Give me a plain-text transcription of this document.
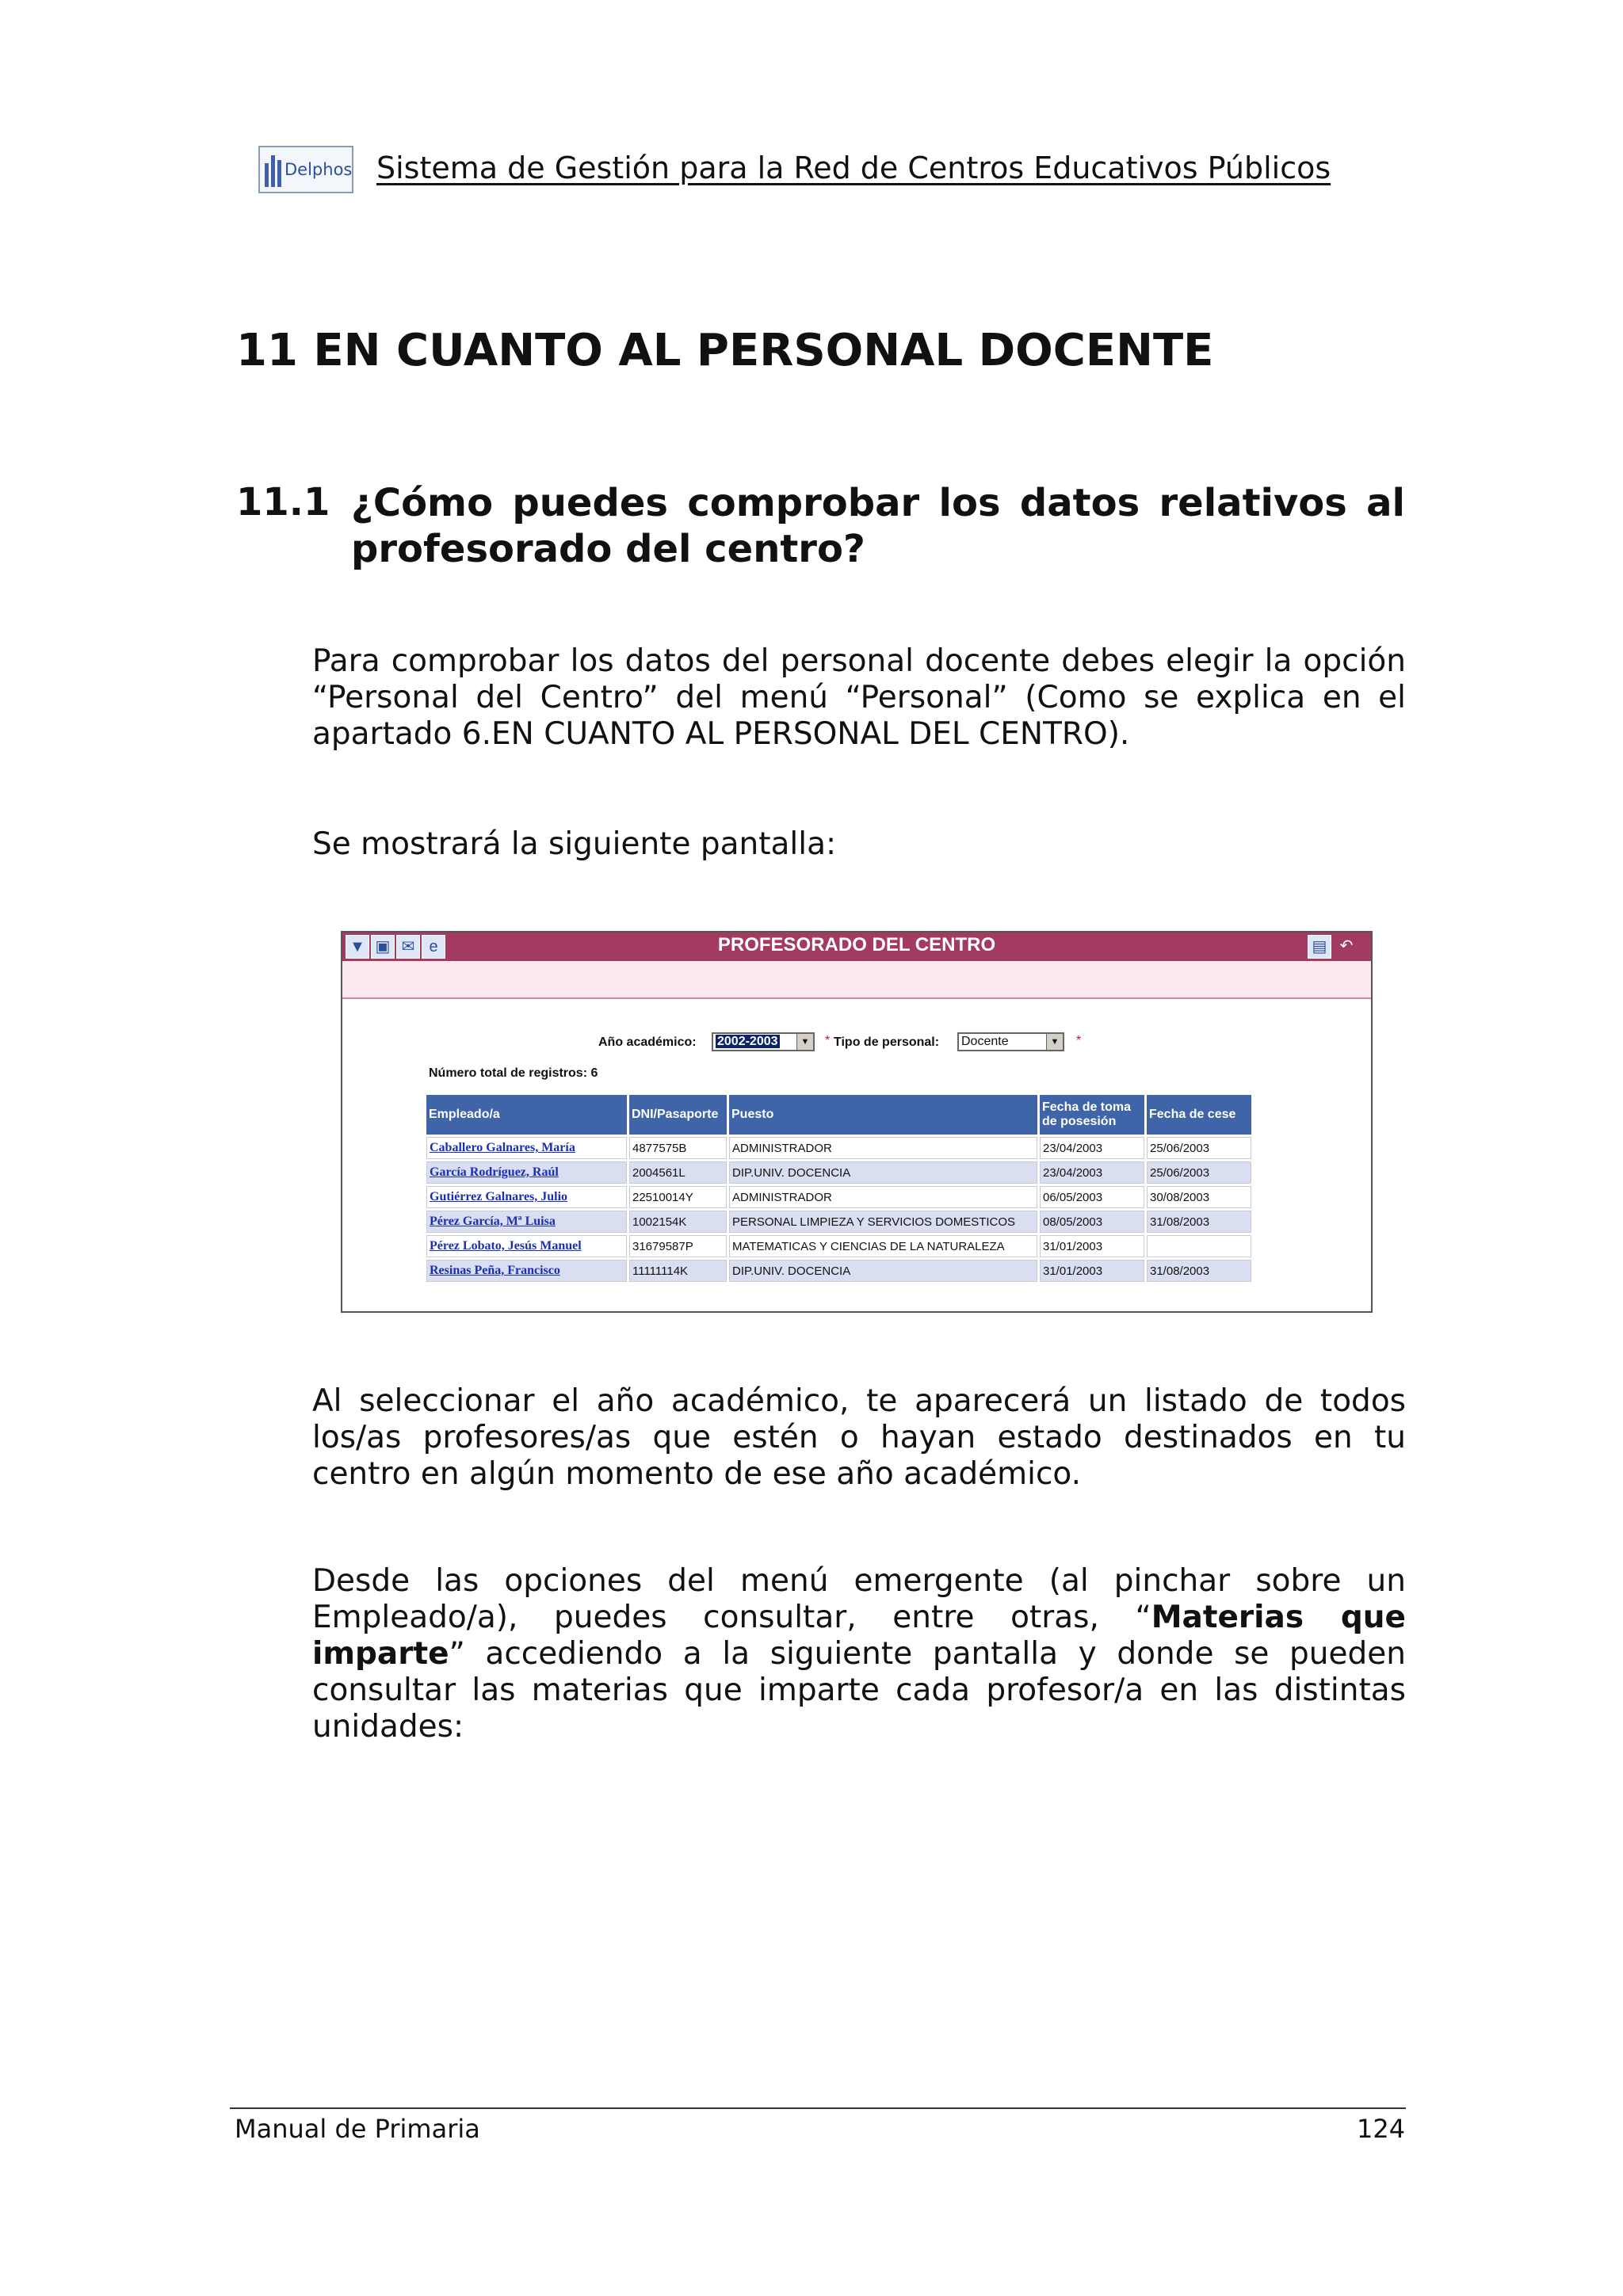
Delphos Sistema de Gestión para la Red de Centros Educativos Públicos
11 EN CUANTO AL PERSONAL DOCENTE
11.1 ¿Cómo puedes comprobar los datos relativos al profesorado del centro?
Para comprobar los datos del personal docente debes elegir la opción “Personal del Centro” del menú “Personal” (Como se explica en el apartado 6.EN CUANTO AL PERSONAL DEL CENTRO).
Se mostrará la siguiente pantalla:
▼ ▣ ✉ e	PROFESORADO DEL CENTRO	▤ ↶
Año académico:	2002-2003	▼ * Tipo de personal:	Docente	▼ *
Número total de registros: 6
Empleado/a	DNI/Pasaporte	Puesto	Fecha de toma de posesión	Fecha de cese
Caballero Galnares, María	4877575B	ADMINISTRADOR	23/04/2003	25/06/2003
García Rodríguez, Raúl	2004561L	DIP.UNIV. DOCENCIA	23/04/2003	25/06/2003
Gutiérrez Galnares, Julio	22510014Y	ADMINISTRADOR	06/05/2003	30/08/2003
Pérez García, Mª Luisa	1002154K	PERSONAL LIMPIEZA Y SERVICIOS DOMESTICOS	08/05/2003	31/08/2003
Pérez Lobato, Jesús Manuel	31679587P	MATEMATICAS Y CIENCIAS DE LA NATURALEZA	31/01/2003	
Resinas Peña, Francisco	11111114K	DIP.UNIV. DOCENCIA	31/01/2003	31/08/2003
Al seleccionar el año académico, te aparecerá un listado de todos los/as profesores/as que estén o hayan estado destinados en tu centro en algún momento de ese año académico.
Desde las opciones del menú emergente (al pinchar sobre un Empleado/a), puedes consultar, entre otras, “Materias que imparte” accediendo a la siguiente pantalla y donde se pueden consultar las materias que imparte cada profesor/a en las distintas unidades:
Manual de Primaria	124
